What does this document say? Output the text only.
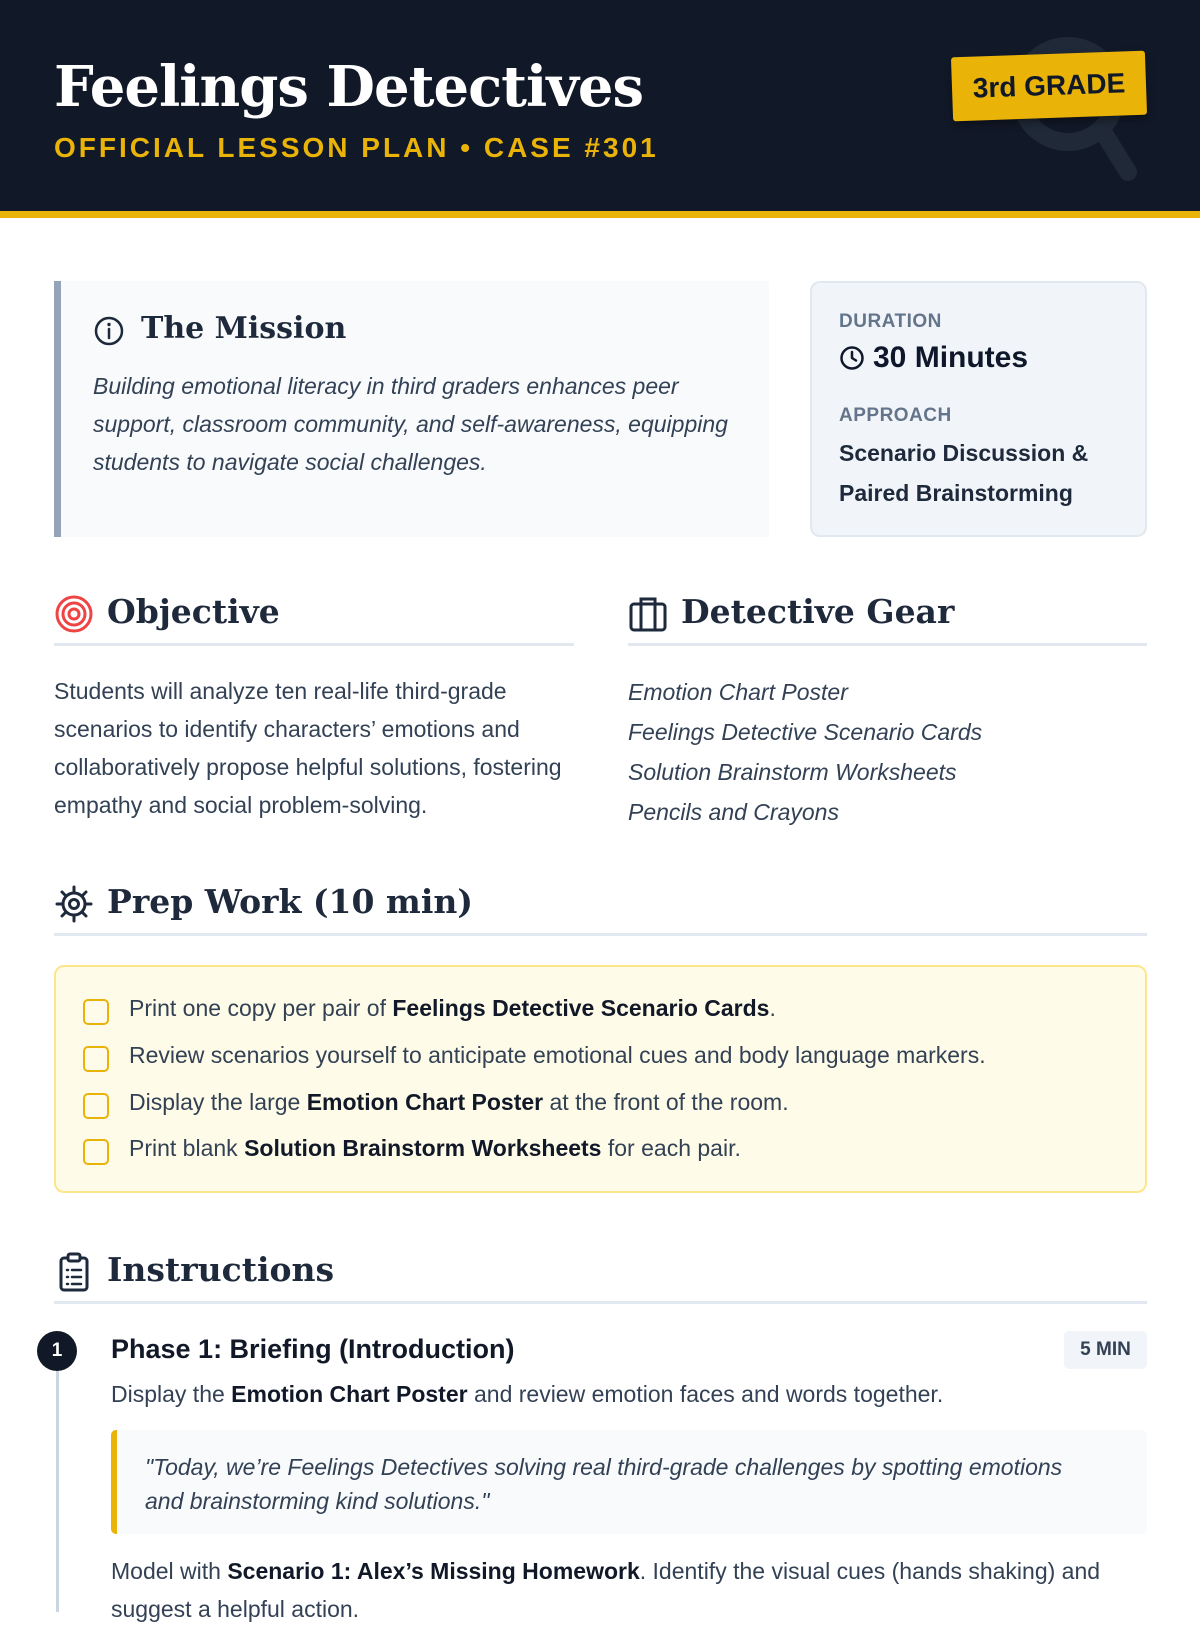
Feelings Detectives
OFFICIAL LESSON PLAN • CASE #301
3rd GRADE
The Mission
Building emotional literacy in third graders enhances peer support, classroom community, and self-awareness, equipping students to navigate social challenges.
DURATION
30 Minutes
APPROACH
Scenario Discussion & Paired Brainstorming
Objective
Students will analyze ten real-life third-grade scenarios to identify characters’ emotions and collaboratively propose helpful solutions, fostering empathy and social problem-solving.
Detective Gear
Emotion Chart Poster
Feelings Detective Scenario Cards
Solution Brainstorm Worksheets
Pencils and Crayons
Prep Work (10 min)
Print one copy per pair of Feelings Detective Scenario Cards.
Review scenarios yourself to anticipate emotional cues and body language markers.
Display the large Emotion Chart Poster at the front of the room.
Print blank Solution Brainstorm Worksheets for each pair.
Instructions
1	Phase 1: Briefing (Introduction)	5 MIN
Display the Emotion Chart Poster and review emotion faces and words together.
"Today, we’re Feelings Detectives solving real third-grade challenges by spotting emotions and brainstorming kind solutions."
Model with Scenario 1: Alex’s Missing Homework. Identify the visual cues (hands shaking) and suggest a helpful action.
